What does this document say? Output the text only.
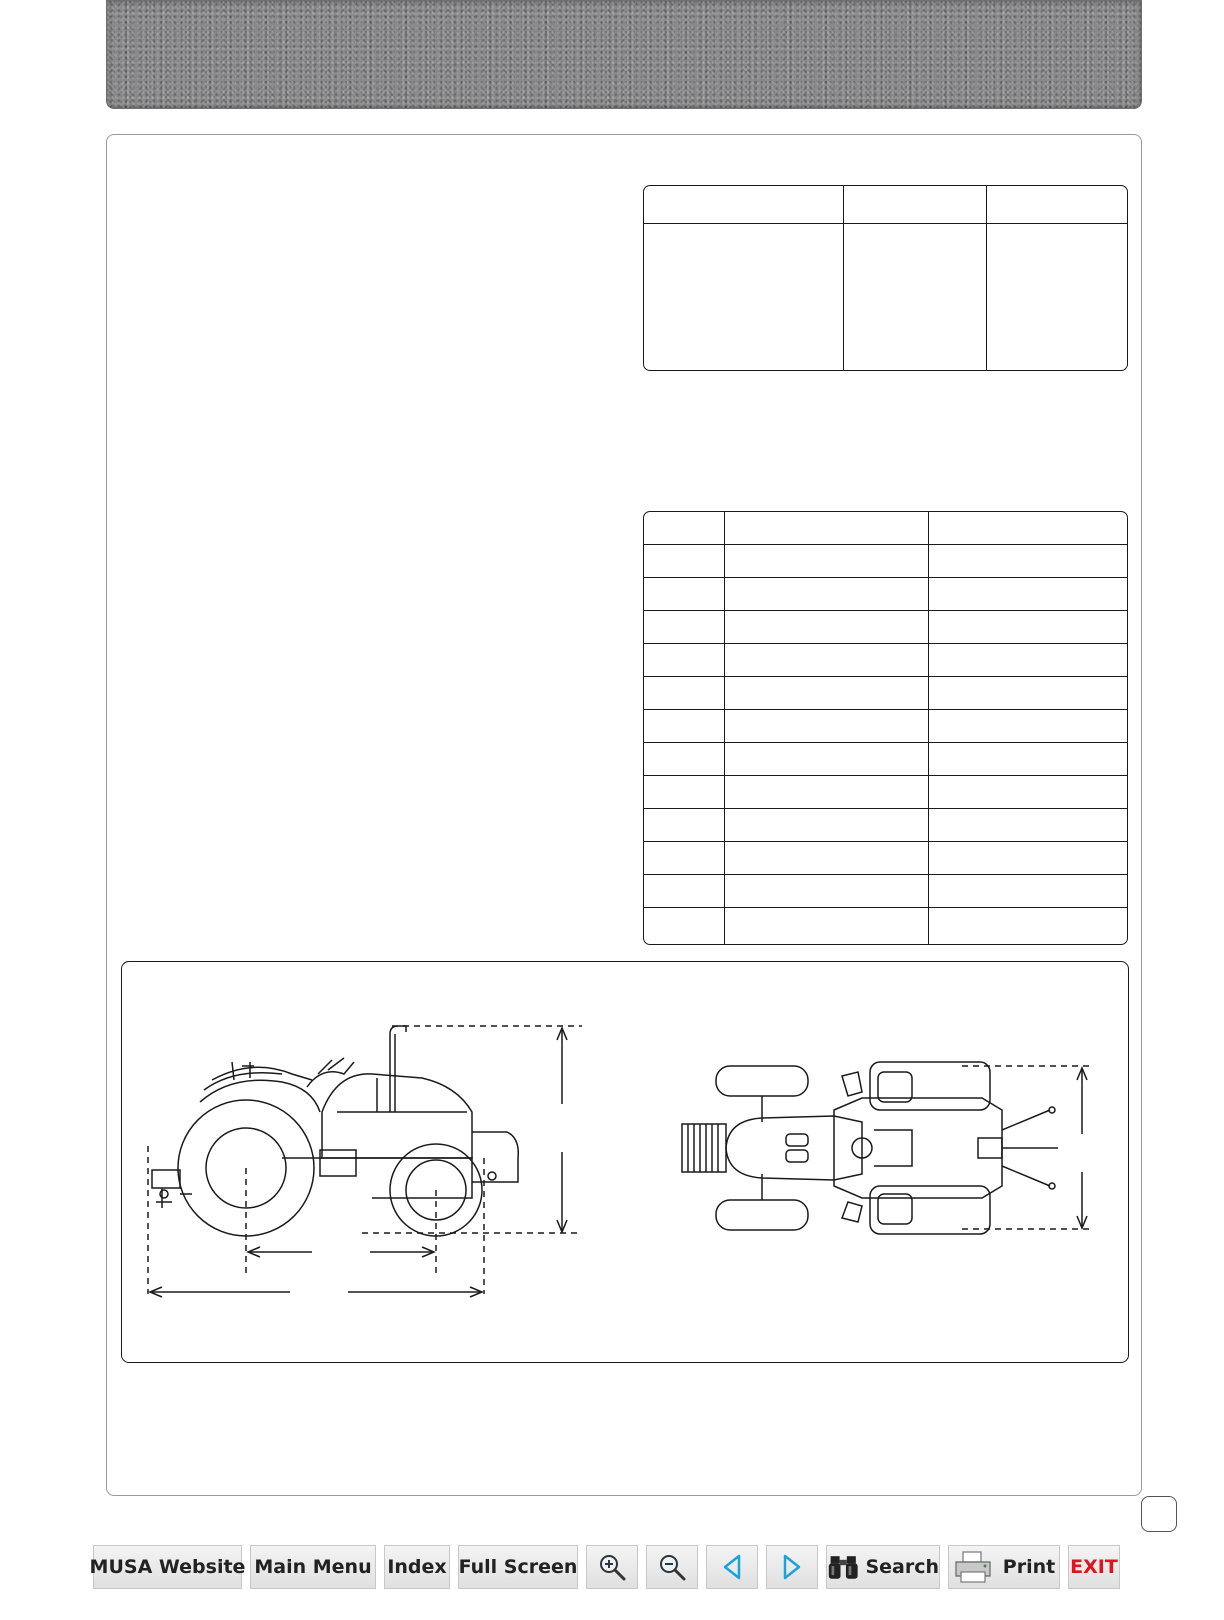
MUSA Website Main Menu Index Full Screen	Search	Print EXIT
